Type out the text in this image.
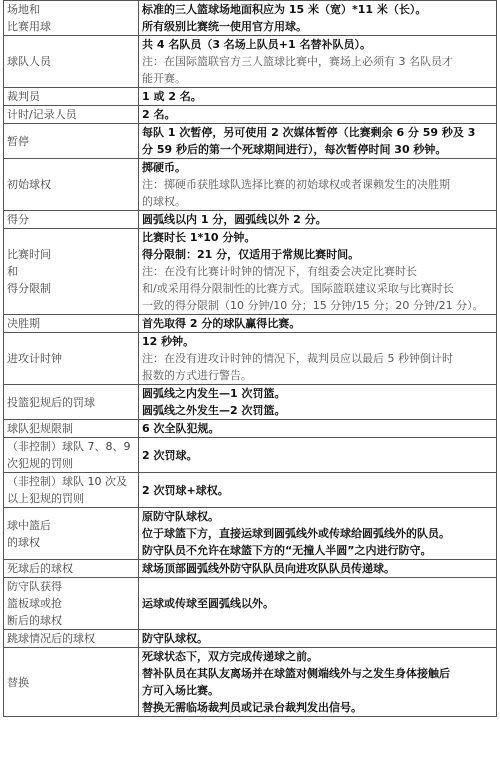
场地和
比赛用球	标准的三人篮球场地面积应为 15 米（宽）*11 米（长）。
所有级别比赛统一使用官方用球。

球队人员	共 4 名队员（3 名场上队员+1 名替补队员）。
注：在国际篮联官方三人篮球比赛中，赛场上必须有 3 名队员才
能开赛。

裁判员	1 或 2 名。

计时/记录人员	2 名。

暂停	每队 1 次暂停，另可使用 2 次媒体暂停（比赛剩余 6 分 59 秒及 3
分 59 秒后的第一个死球期间进行），每次暂停时间 30 秒钟。

初始球权	掷硬币。
注：掷硬币获胜球队选择比赛的初始球权或者课赖发生的决胜期
的球权。

得分	圆弧线以内 1 分，圆弧线以外 2 分。

比赛时间
和
得分限制	比赛时长 1*10 分钟。
得分限制：21 分，仅适用于常规比赛时间。
注：在没有比赛计时钟的情况下，有组委会决定比赛时长
和/或采用得分限制性的比赛方式。国际篮联建议采取与比赛时长
一致的得分限制（10 分钟/10 分；15 分钟/15 分；20 分钟/21 分）。

决胜期	首先取得 2 分的球队赢得比赛。

进攻计时钟	12 秒钟。
注：在没有进攻计时钟的情况下，裁判员应以最后 5 秒钟倒计时
报数的方式进行警告。

投篮犯规后的罚球	圆弧线之内发生—1 次罚篮。
圆弧线之外发生—2 次罚篮。

球队犯规限制	6 次全队犯规。

（非控制）球队 7、8、9
次犯规的罚则	2 次罚球。

（非控制）球队 10 次及
以上犯规的罚则	2 次罚球+球权。

球中篮后
的球权	原防守队球权。
位于球篮下方，直接运球到圆弧线外或传球给圆弧线外的队员。
防守队员不允许在球篮下方的“无撞人半圆”之内进行防守。

死球后的球权	球场顶部圆弧线外防守队队员向进攻队队员传递球。

防守队获得
篮板球或抢
断后的球权	运球或传球至圆弧线以外。

跳球情况后的球权	防守队球权。

替换	死球状态下，双方完成传递球之前。
替补队员在其队友离场并在球篮对侧端线外与之发生身体接触后
方可入场比赛。
替换无需临场裁判员或记录台裁判发出信号。
